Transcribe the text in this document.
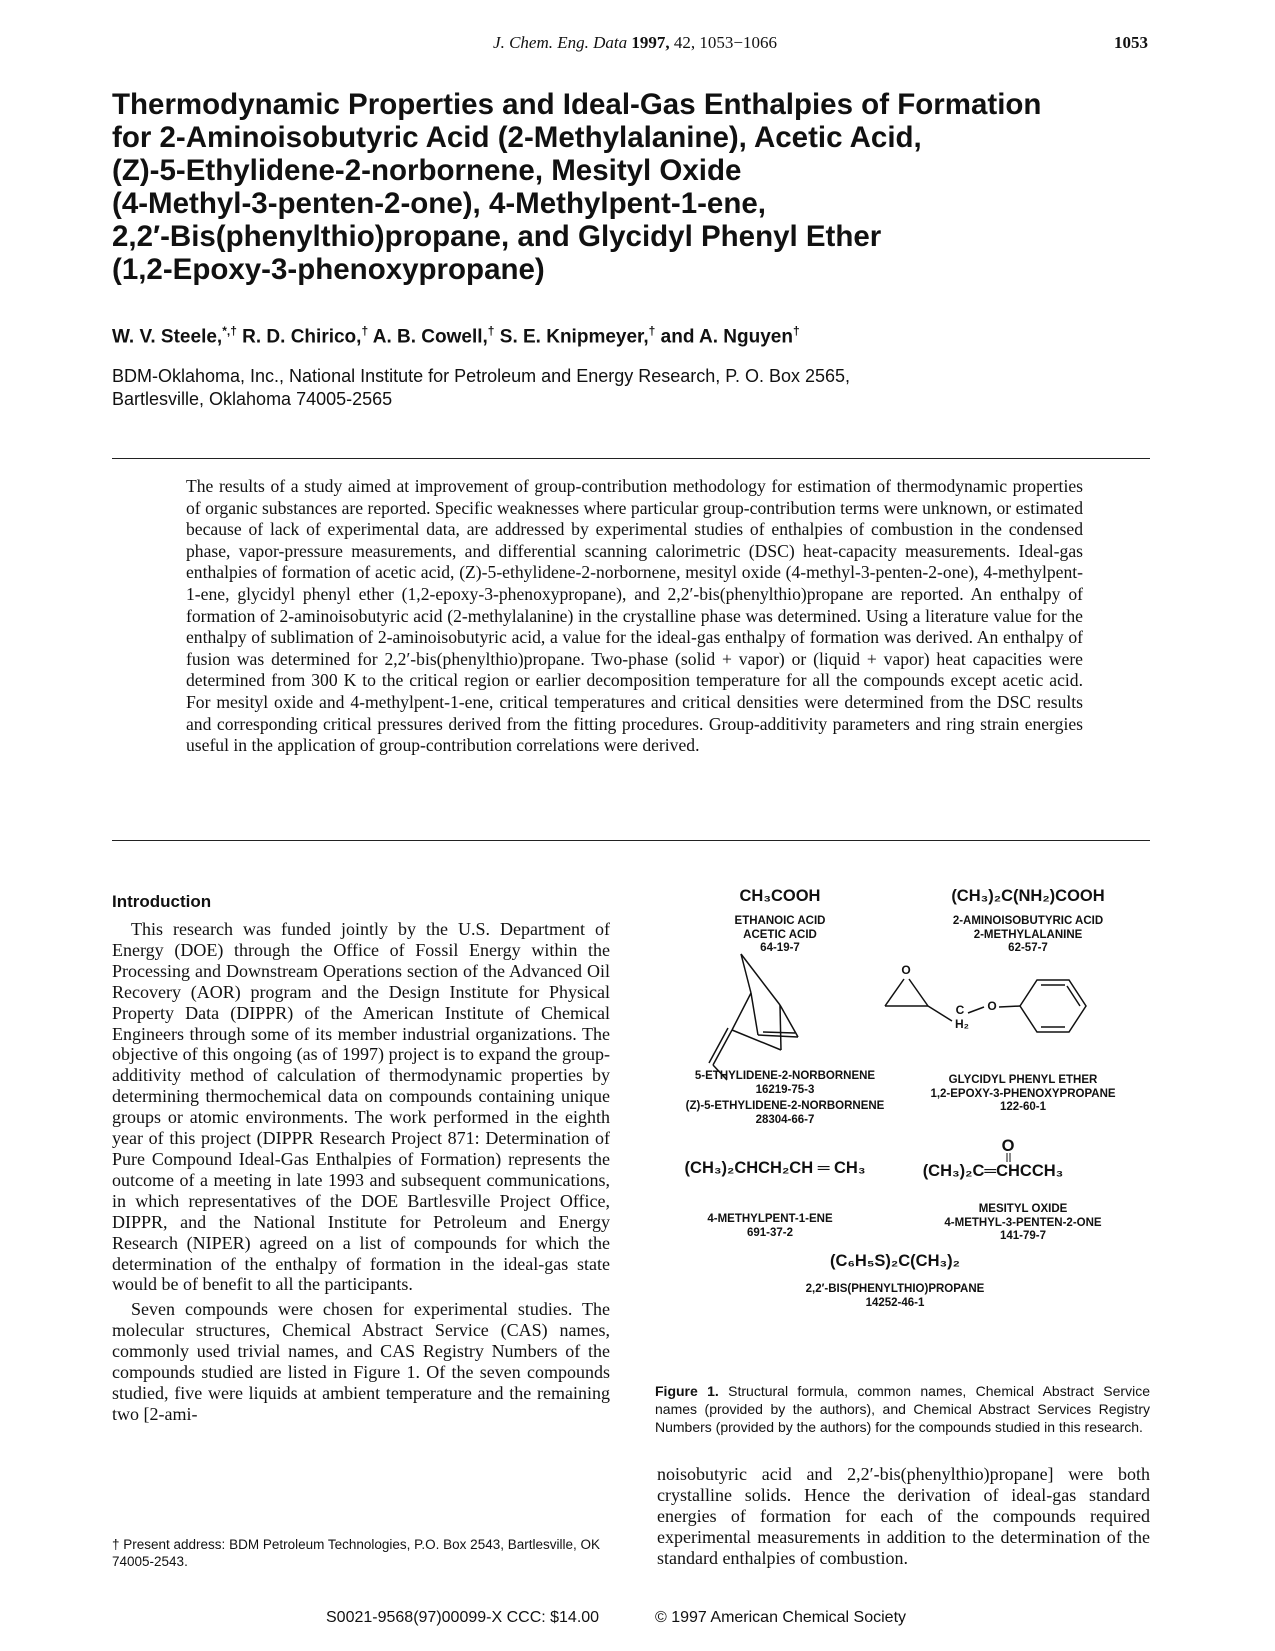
J. Chem. Eng. Data 1997, 42, 1053−1066	1053
Thermodynamic Properties and Ideal-Gas Enthalpies of Formation
for 2-Aminoisobutyric Acid (2-Methylalanine), Acetic Acid,
(Z)-5-Ethylidene-2-norbornene, Mesityl Oxide
(4-Methyl-3-penten-2-one), 4-Methylpent-1-ene,
2,2′-Bis(phenylthio)propane, and Glycidyl Phenyl Ether
(1,2-Epoxy-3-phenoxypropane)
W. V. Steele,*,† R. D. Chirico,† A. B. Cowell,† S. E. Knipmeyer,† and A. Nguyen†
BDM-Oklahoma, Inc., National Institute for Petroleum and Energy Research, P. O. Box 2565,
Bartlesville, Oklahoma 74005-2565

The results of a study aimed at improvement of group-contribution methodology for estimation of thermodynamic properties of organic substances are reported. Specific weaknesses where particular group-contribution terms were unknown, or estimated because of lack of experimental data, are addressed by experimental studies of enthalpies of combustion in the condensed phase, vapor-pressure measurements, and differential scanning calorimetric (DSC) heat-capacity measurements. Ideal-gas enthalpies of formation of acetic acid, (Z)-5-ethylidene-2-norbornene, mesityl oxide (4-methyl-3-penten-2-one), 4-methylpent-1-ene, glycidyl phenyl ether (1,2-epoxy-3-phenoxypropane), and 2,2′-bis(phenylthio)propane are reported. An enthalpy of formation of 2-aminoisobutyric acid (2-methylalanine) in the crystalline phase was determined. Using a literature value for the enthalpy of sublimation of 2-aminoisobutyric acid, a value for the ideal-gas enthalpy of formation was derived. An enthalpy of fusion was determined for 2,2′-bis(phenylthio)propane. Two-phase (solid + vapor) or (liquid + vapor) heat capacities were determined from 300 K to the critical region or earlier decomposition temperature for all the compounds except acetic acid. For mesityl oxide and 4-methylpent-1-ene, critical temperatures and critical densities were determined from the DSC results and corresponding critical pressures derived from the fitting procedures. Group-additivity parameters and ring strain energies useful in the application of group-contribution correlations were derived.

Introduction

This research was funded jointly by the U.S. Department of Energy (DOE) through the Office of Fossil Energy within the Processing and Downstream Operations section of the Advanced Oil Recovery (AOR) program and the Design Institute for Physical Property Data (DIPPR) of the American Institute of Chemical Engineers through some of its member industrial organizations. The objective of this ongoing (as of 1997) project is to expand the group-additivity method of calculation of thermodynamic properties by determining thermochemical data on compounds containing unique groups or atomic environments. The work performed in the eighth year of this project (DIPPR Research Project 871: Determination of Pure Compound Ideal-Gas Enthalpies of Formation) represents the outcome of a meeting in late 1993 and subsequent communications, in which representatives of the DOE Bartlesville Project Office, DIPPR, and the National Institute for Petroleum and Energy Research (NIPER) agreed on a list of compounds for which the determination of the enthalpy of formation in the ideal-gas state would be of benefit to all the participants.

Seven compounds were chosen for experimental studies. The molecular structures, Chemical Abstract Service (CAS) names, commonly used trivial names, and CAS Registry Numbers of the compounds studied are listed in Figure 1. Of the seven compounds studied, five were liquids at ambient temperature and the remaining two [2-ami-

† Present address: BDM Petroleum Technologies, P.O. Box 2543, Bartlesville, OK 74005-2543.

CH₃COOH
ETHANOIC ACID
ACETIC ACID
64-19-7
(CH₃)₂C(NH₂)COOH
2-AMINOISOBUTYRIC ACID
2-METHYLALANINE
62-57-7
O
C
H₂
O
5-ETHYLIDENE-2-NORBORNENE
16219-75-3
(Z)-5-ETHYLIDENE-2-NORBORNENE
28304-66-7
GLYCIDYL PHENYL ETHER
1,2-EPOXY-3-PHENOXYPROPANE
122-60-1
(CH₃)₂CHCH₂CH ═ CH₃
O
(CH₃)₂C═CHCCH₃
4-METHYLPENT-1-ENE
691-37-2
MESITYL OXIDE
4-METHYL-3-PENTEN-2-ONE
141-79-7
(C₆H₅S)₂C(CH₃)₂
2,2′-BIS(PHENYLTHIO)PROPANE
14252-46-1

Figure 1. Structural formula, common names, Chemical Abstract Service names (provided by the authors), and Chemical Abstract Services Registry Numbers (provided by the authors) for the compounds studied in this research.

noisobutyric acid and 2,2′-bis(phenylthio)propane] were both crystalline solids. Hence the derivation of ideal-gas standard energies of formation for each of the compounds required experimental measurements in addition to the determination of the standard enthalpies of combustion.

S0021-9568(97)00099-X CCC: $14.00	© 1997 American Chemical Society
